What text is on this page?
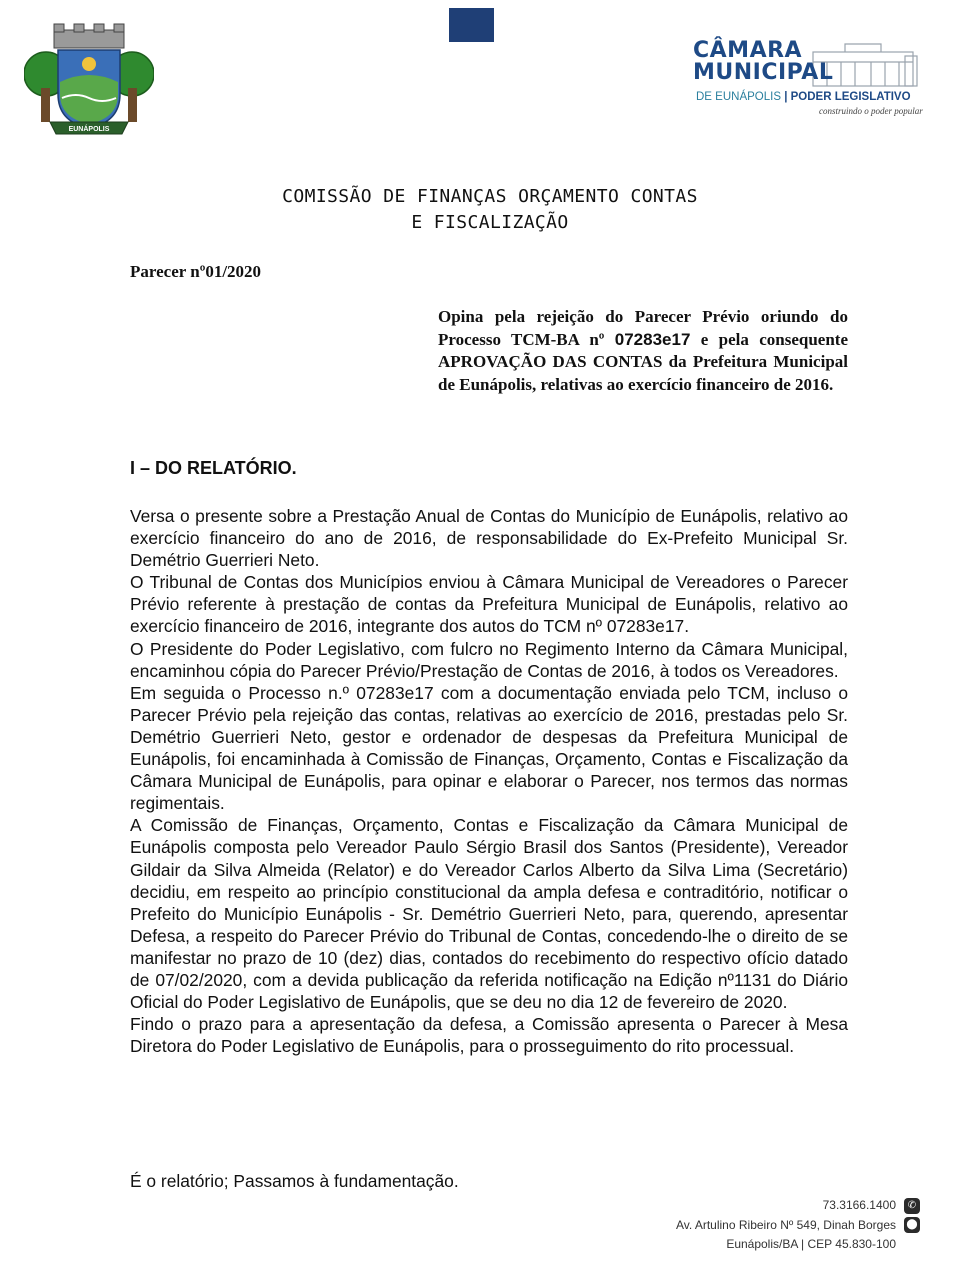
EUNÁPOLIS
CÂMARA
MUNICIPAL
DE EUNÁPOLIS | PODER LEGISLATIVO
construindo o poder popular
COMISSÃO DE FINANÇAS ORÇAMENTO CONTAS
E FISCALIZAÇÃO
Parecer nº01/2020
Opina pela rejeição do Parecer Prévio oriundo do Processo TCM-BA nº 07283e17 e pela consequente APROVAÇÃO DAS CONTAS da Prefeitura Municipal de Eunápolis, relativas ao exercício financeiro de 2016.
I – DO RELATÓRIO.

Versa o presente sobre a Prestação Anual de Contas do Município de Eunápolis, relativo ao exercício financeiro do ano de 2016, de responsabilidade do Ex-Prefeito Municipal Sr. Demétrio Guerrieri Neto.

O Tribunal de Contas dos Municípios enviou à Câmara Municipal de Vereadores o Parecer Prévio referente à prestação de contas da Prefeitura Municipal de Eunápolis, relativo ao exercício financeiro de 2016, integrante dos autos do TCM nº 07283e17.

O Presidente do Poder Legislativo, com fulcro no Regimento Interno da Câmara Municipal, encaminhou cópia do Parecer Prévio/Prestação de Contas de 2016, à todos os Vereadores.

Em seguida o Processo n.º 07283e17 com a documentação enviada pelo TCM, incluso o Parecer Prévio pela rejeição das contas, relativas ao exercício de 2016, prestadas pelo Sr. Demétrio Guerrieri Neto, gestor e ordenador de despesas da Prefeitura Municipal de Eunápolis, foi encaminhada à Comissão de Finanças, Orçamento, Contas e Fiscalização da Câmara Municipal de Eunápolis, para opinar e elaborar o Parecer, nos termos das normas regimentais.

A Comissão de Finanças, Orçamento, Contas e Fiscalização da Câmara Municipal de Eunápolis composta pelo Vereador Paulo Sérgio Brasil dos Santos (Presidente), Vereador Gildair da Silva Almeida (Relator) e do Vereador Carlos Alberto da Silva Lima (Secretário) decidiu, em respeito ao princípio constitucional da ampla defesa e contraditório, notificar o Prefeito do Município Eunápolis - Sr. Demétrio Guerrieri Neto, para, querendo, apresentar Defesa, a respeito do Parecer Prévio do Tribunal de Contas, concedendo-lhe o direito de se manifestar no prazo de 10 (dez) dias, contados do recebimento do respectivo ofício datado de 07/02/2020, com a devida publicação da referida notificação na Edição nº1131 do Diário Oficial do Poder Legislativo de Eunápolis, que se deu no dia 12 de fevereiro de 2020.

Findo o prazo para a apresentação da defesa, a Comissão apresenta o Parecer à Mesa Diretora do Poder Legislativo de Eunápolis, para o prosseguimento do rito processual.

É o relatório; Passamos à fundamentação.
73.3166.1400	✆
Av. Artulino Ribeiro Nº 549, Dinah Borges ⬤
Eunápolis/BA | CEP 45.830-100
